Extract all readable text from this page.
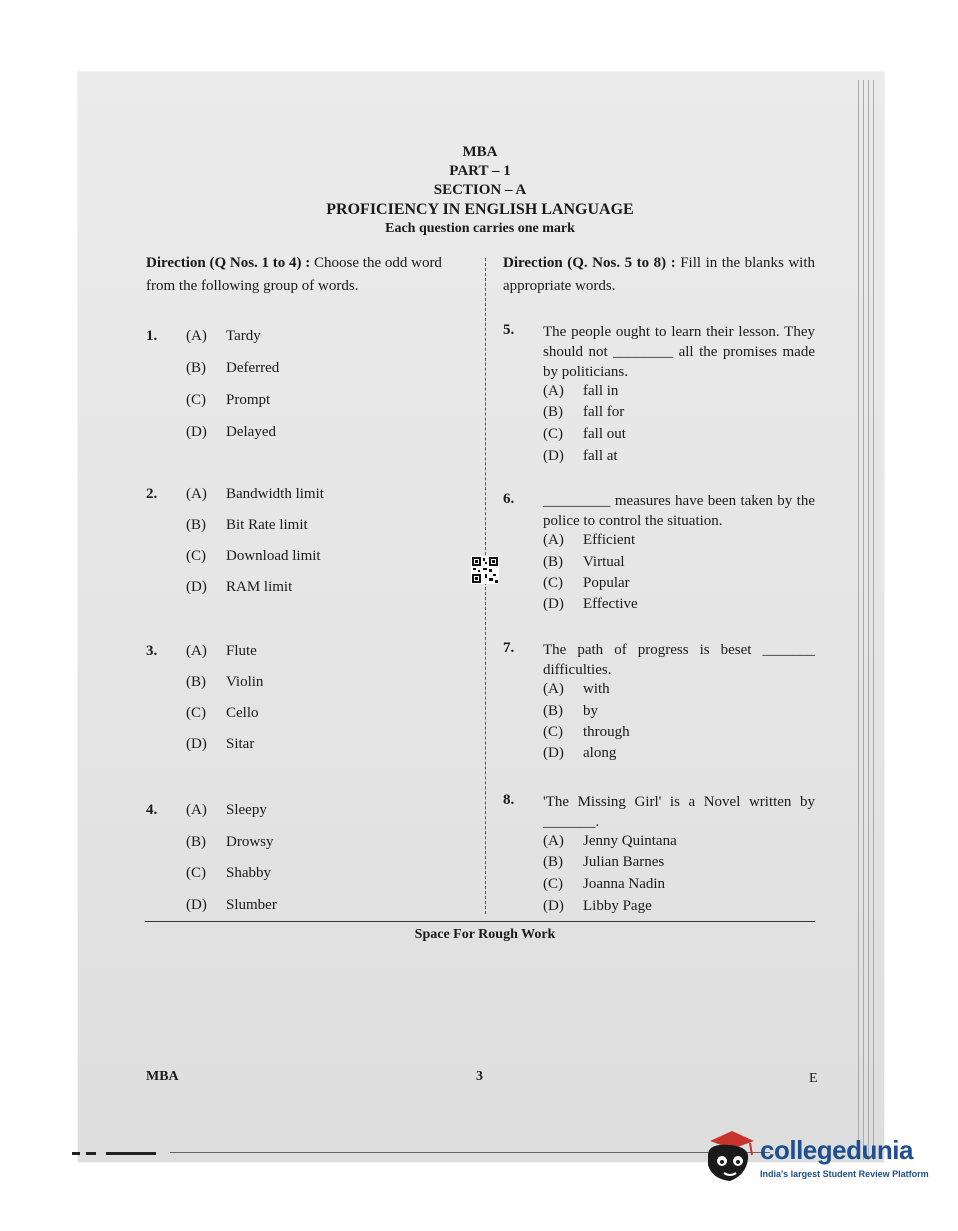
MBA
PART – 1
SECTION – A
PROFICIENCY IN ENGLISH LANGUAGE
Each question carries one mark
Direction (Q Nos. 1 to 4) : Choose the odd word from the following group of words.
Direction (Q. Nos. 5 to 8) : Fill in the blanks with appropriate words.
1. (A) Tardy
(B) Deferred
(C) Prompt
(D) Delayed
2. (A) Bandwidth limit
(B) Bit Rate limit
(C) Download limit
(D) RAM limit
3. (A) Flute
(B) Violin
(C) Cello
(D) Sitar
4. (A) Sleepy
(B) Drowsy
(C) Shabby
(D) Slumber
5. The people ought to learn their lesson. They should not ________ all the promises made by politicians.
(A) fall in
(B) fall for
(C) fall out
(D) fall at
6. _________ measures have been taken by the police to control the situation.
(A) Efficient
(B) Virtual
(C) Popular
(D) Effective
7. The path of progress is beset _______ difficulties.
(A) with
(B) by
(C) through
(D) along
8. 'The Missing Girl' is a Novel written by _______.
(A) Jenny Quintana
(B) Julian Barnes
(C) Joanna Nadin
(D) Libby Page
Space For Rough Work
MBA	3	E
collegedunia
India's largest Student Review Platform
